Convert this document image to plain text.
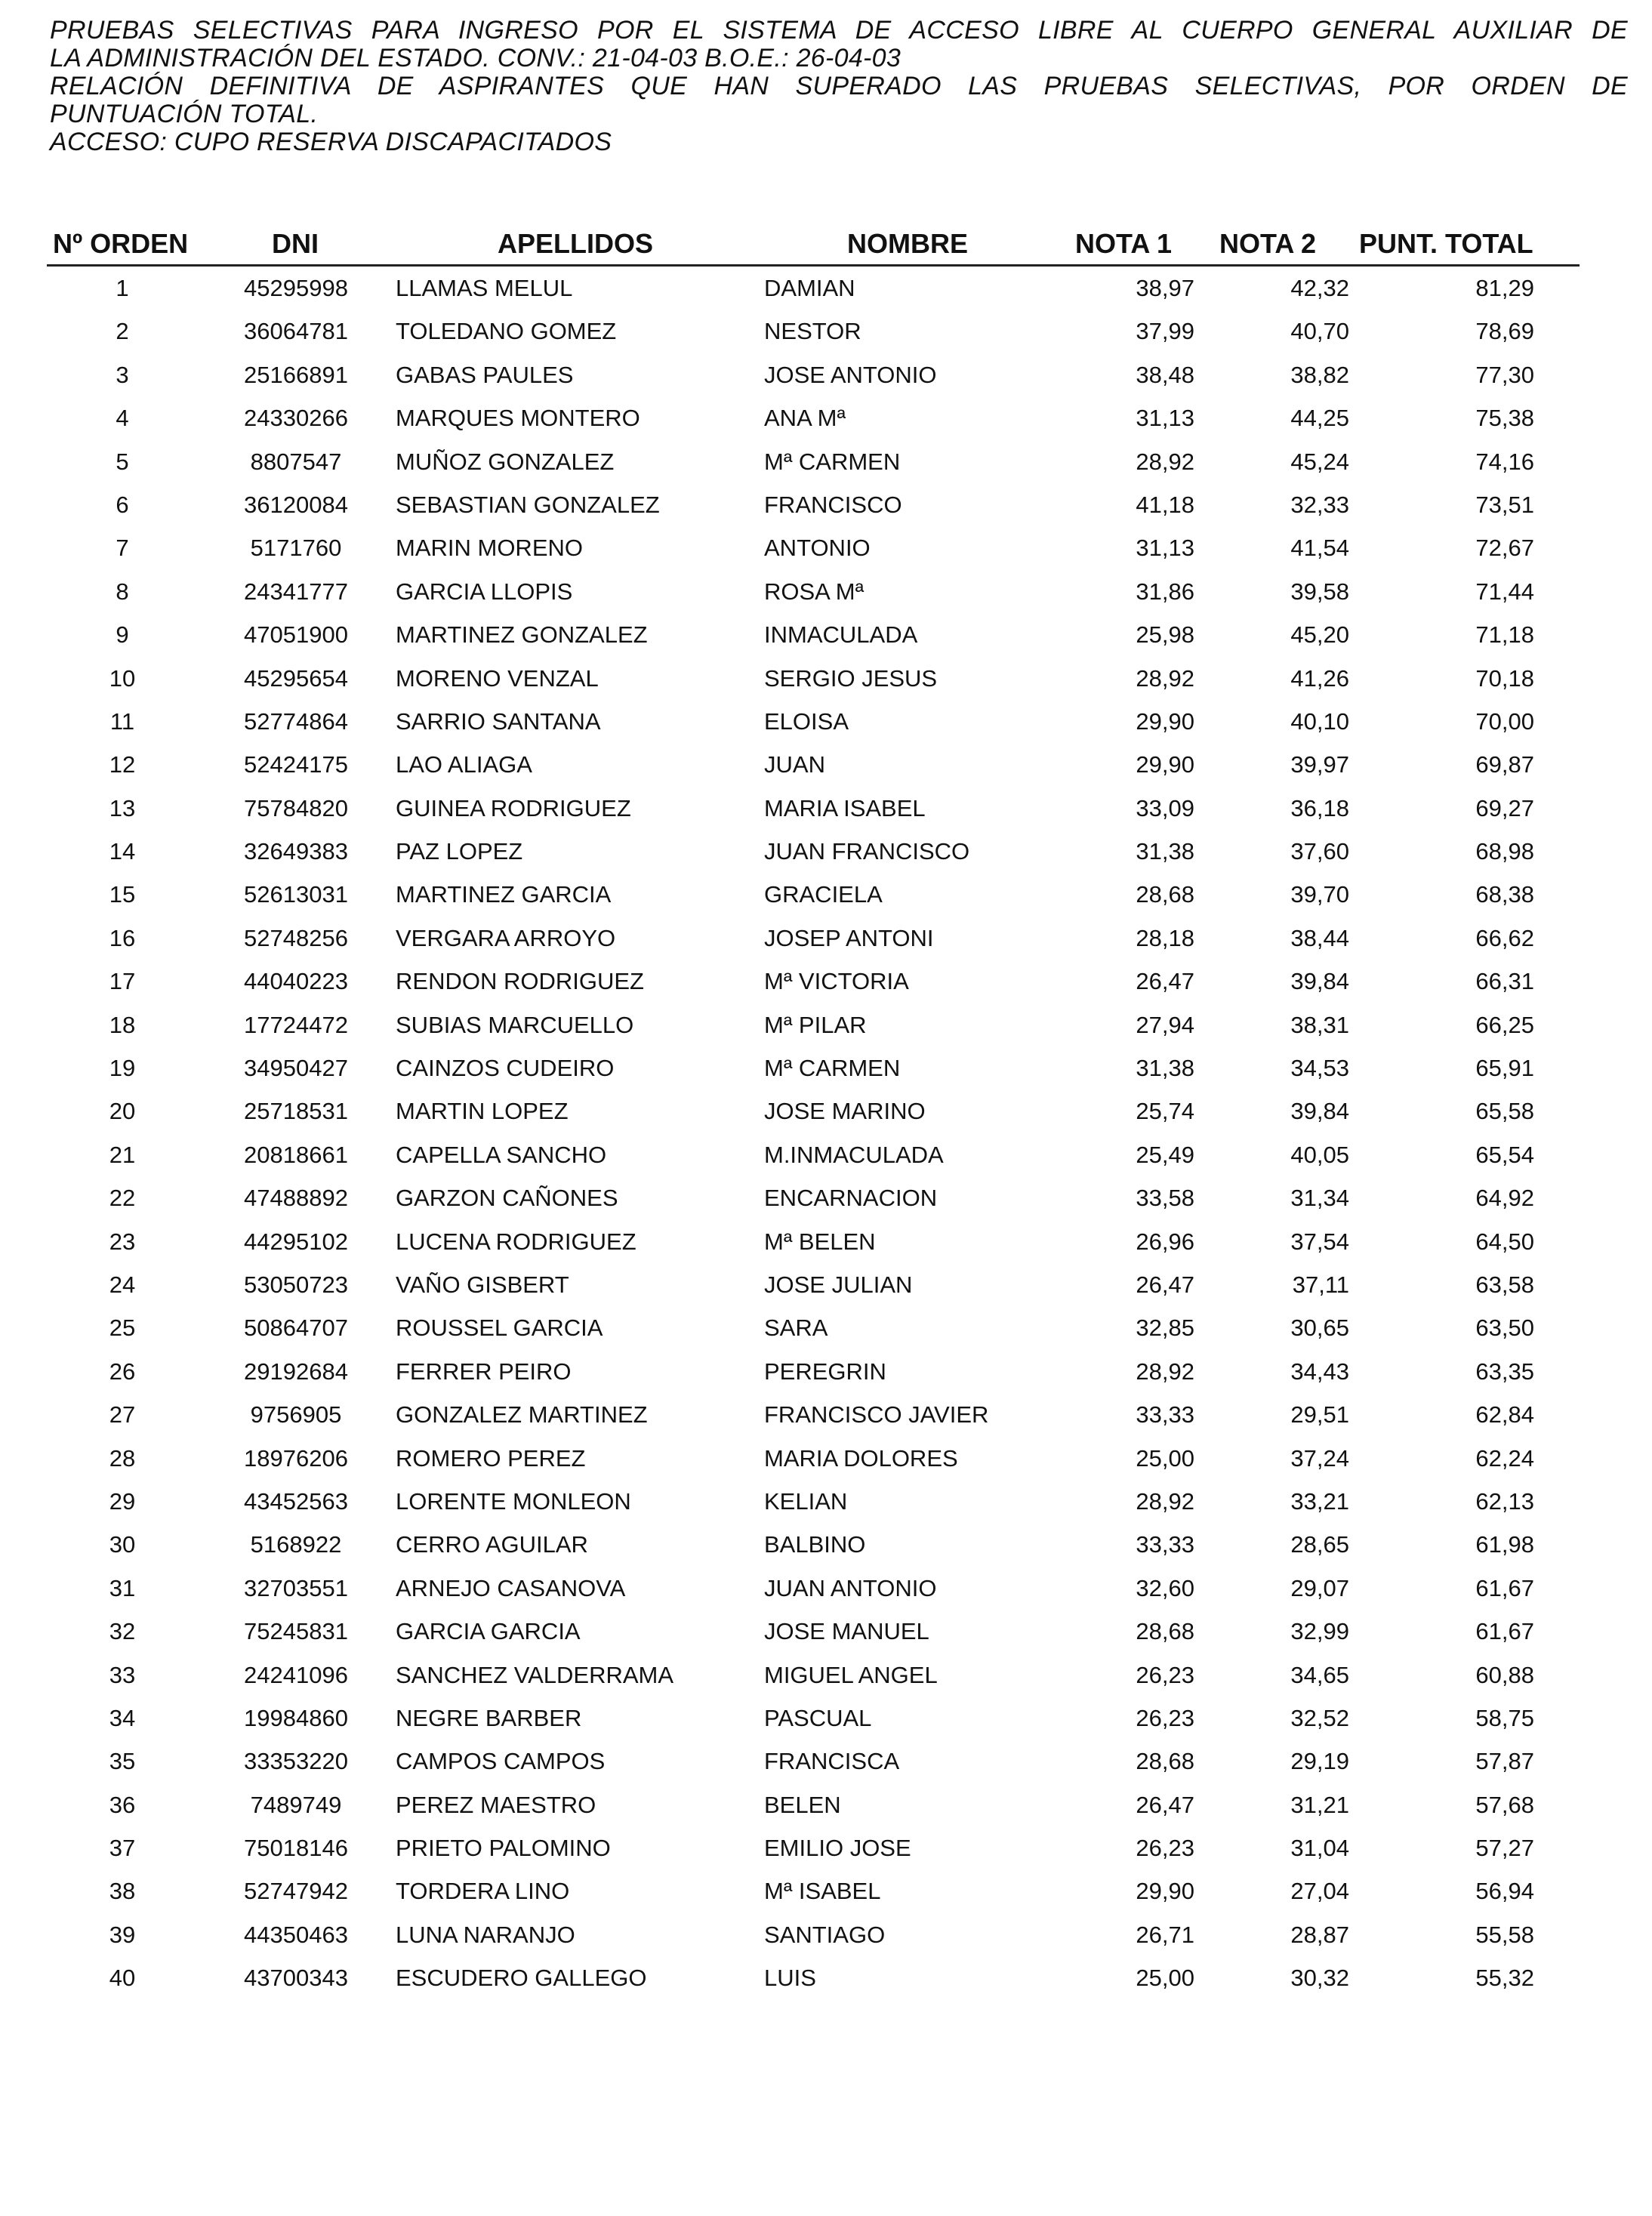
PRUEBAS SELECTIVAS PARA INGRESO POR EL SISTEMA DE ACCESO LIBRE AL CUERPO GENERAL AUXILIAR DE
LA ADMINISTRACIÓN DEL ESTADO. CONV.: 21-04-03 B.O.E.: 26-04-03
RELACIÓN DEFINITIVA DE ASPIRANTES QUE HAN SUPERADO LAS PRUEBAS SELECTIVAS, POR ORDEN DE
PUNTUACIÓN TOTAL.
ACCESO: CUPO RESERVA DISCAPACITADOS
Nº ORDEN	DNI	APELLIDOS	NOMBRE	NOTA 1 NOTA 2 PUNT. TOTAL
1	45295998	LLAMAS MELUL	DAMIAN	38,97	42,32	81,29
2	36064781	TOLEDANO GOMEZ	NESTOR	37,99	40,70	78,69
3	25166891	GABAS PAULES	JOSE ANTONIO	38,48	38,82	77,30
4	24330266	MARQUES MONTERO	ANA Mª	31,13	44,25	75,38
5	8807547	MUÑOZ GONZALEZ	Mª CARMEN	28,92	45,24	74,16
6	36120084	SEBASTIAN GONZALEZ	FRANCISCO	41,18	32,33	73,51
7	5171760	MARIN MORENO	ANTONIO	31,13	41,54	72,67
8	24341777	GARCIA LLOPIS	ROSA Mª	31,86	39,58	71,44
9	47051900	MARTINEZ GONZALEZ	INMACULADA	25,98	45,20	71,18
10	45295654	MORENO VENZAL	SERGIO JESUS	28,92	41,26	70,18
11	52774864	SARRIO SANTANA	ELOISA	29,90	40,10	70,00
12	52424175	LAO ALIAGA	JUAN	29,90	39,97	69,87
13	75784820	GUINEA RODRIGUEZ	MARIA ISABEL	33,09	36,18	69,27
14	32649383	PAZ LOPEZ	JUAN FRANCISCO	31,38	37,60	68,98
15	52613031	MARTINEZ GARCIA	GRACIELA	28,68	39,70	68,38
16	52748256	VERGARA ARROYO	JOSEP ANTONI	28,18	38,44	66,62
17	44040223	RENDON RODRIGUEZ	Mª VICTORIA	26,47	39,84	66,31
18	17724472	SUBIAS MARCUELLO	Mª PILAR	27,94	38,31	66,25
19	34950427	CAINZOS CUDEIRO	Mª CARMEN	31,38	34,53	65,91
20	25718531	MARTIN LOPEZ	JOSE MARINO	25,74	39,84	65,58
21	20818661	CAPELLA SANCHO	M.INMACULADA	25,49	40,05	65,54
22	47488892	GARZON CAÑONES	ENCARNACION	33,58	31,34	64,92
23	44295102	LUCENA RODRIGUEZ	Mª BELEN	26,96	37,54	64,50
24	53050723	VAÑO GISBERT	JOSE JULIAN	26,47	37,11	63,58
25	50864707	ROUSSEL GARCIA	SARA	32,85	30,65	63,50
26	29192684	FERRER PEIRO	PEREGRIN	28,92	34,43	63,35
27	9756905	GONZALEZ MARTINEZ	FRANCISCO JAVIER	33,33	29,51	62,84
28	18976206	ROMERO PEREZ	MARIA DOLORES	25,00	37,24	62,24
29	43452563	LORENTE MONLEON	KELIAN	28,92	33,21	62,13
30	5168922	CERRO AGUILAR	BALBINO	33,33	28,65	61,98
31	32703551	ARNEJO CASANOVA	JUAN ANTONIO	32,60	29,07	61,67
32	75245831	GARCIA GARCIA	JOSE MANUEL	28,68	32,99	61,67
33	24241096	SANCHEZ VALDERRAMA	MIGUEL ANGEL	26,23	34,65	60,88
34	19984860	NEGRE BARBER	PASCUAL	26,23	32,52	58,75
35	33353220	CAMPOS CAMPOS	FRANCISCA	28,68	29,19	57,87
36	7489749	PEREZ MAESTRO	BELEN	26,47	31,21	57,68
37	75018146	PRIETO PALOMINO	EMILIO JOSE	26,23	31,04	57,27
38	52747942	TORDERA LINO	Mª ISABEL	29,90	27,04	56,94
39	44350463	LUNA NARANJO	SANTIAGO	26,71	28,87	55,58
40	43700343	ESCUDERO GALLEGO	LUIS	25,00	30,32	55,32
